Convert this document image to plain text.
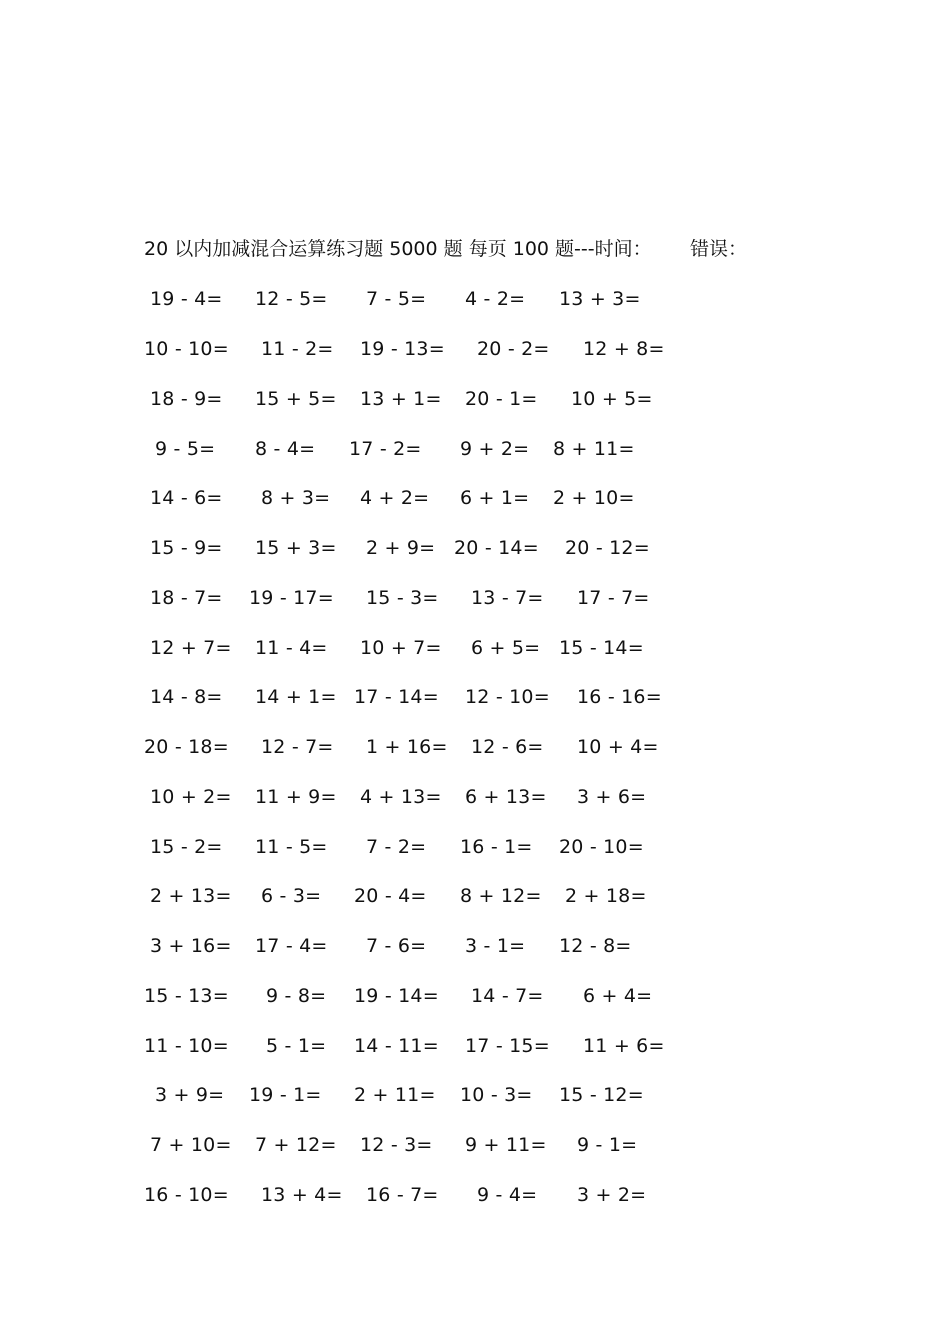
20 以内加减混合运算练习题 5000 题 每页 100 题---时间： 错误：
19 - 4= 12 - 5= 7 - 5= 4 - 2= 13 + 3=
10 - 10= 11 - 2= 19 - 13= 20 - 2= 12 + 8=
18 - 9= 15 + 5= 13 + 1= 20 - 1= 10 + 5=
9 - 5= 8 - 4= 17 - 2= 9 + 2= 8 + 11=
14 - 6= 8 + 3= 4 + 2= 6 + 1= 2 + 10=
15 - 9= 15 + 3= 2 + 9= 20 - 14= 20 - 12=
18 - 7= 19 - 17= 15 - 3= 13 - 7= 17 - 7=
12 + 7= 11 - 4= 10 + 7= 6 + 5= 15 - 14=
14 - 8= 14 + 1= 17 - 14= 12 - 10= 16 - 16=
20 - 18= 12 - 7= 1 + 16= 12 - 6= 10 + 4=
10 + 2= 11 + 9= 4 + 13= 6 + 13= 3 + 6=
15 - 2= 11 - 5= 7 - 2= 16 - 1= 20 - 10=
2 + 13= 6 - 3= 20 - 4= 8 + 12= 2 + 18=
3 + 16= 17 - 4= 7 - 6= 3 - 1= 12 - 8=
15 - 13= 9 - 8= 19 - 14= 14 - 7= 6 + 4=
11 - 10= 5 - 1= 14 - 11= 17 - 15= 11 + 6=
3 + 9= 19 - 1= 2 + 11= 10 - 3= 15 - 12=
7 + 10= 7 + 12= 12 - 3= 9 + 11= 9 - 1=
16 - 10= 13 + 4= 16 - 7= 9 - 4= 3 + 2=
